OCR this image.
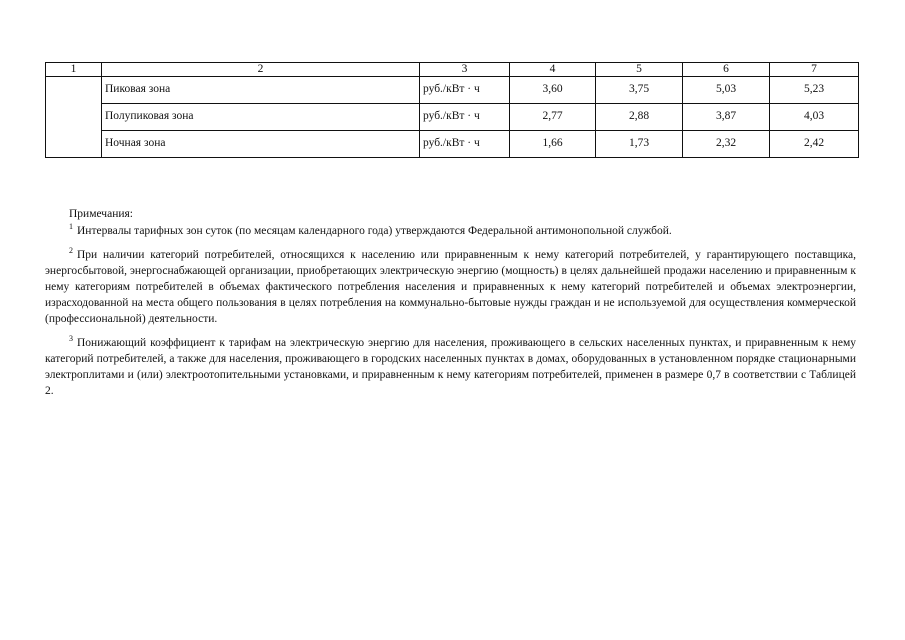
1	2	3	4	5	6	7
	Пиковая зона	руб./кВт · ч	3,60	3,75	5,03	5,23
	Полупиковая зона	руб./кВт · ч	2,77	2,88	3,87	4,03
	Ночная зона	руб./кВт · ч	1,66	1,73	2,32	2,42

Примечания:

$^1$ Интервалы тарифных зон суток (по месяцам календарного года) утверждаются Федеральной антимонопольной службой.

$^2$ При наличии категорий потребителей, относящихся к населению или приравненным к нему категорий потребителей, у гарантирующего поставщика, энергосбытовой, энергоснабжающей организации, приобретающих электрическую энергию (мощность) в целях дальнейшей продажи населению и приравненным к нему категориям потребителей в объемах фактического потребления населения и приравненных к нему категорий потребителей и объемах электроэнергии, израсходованной на места общего пользования в целях потребления на коммунально-бытовые нужды граждан и не используемой для осуществления коммерческой (профессиональной) деятельности.

$^3$ Понижающий коэффициент к тарифам на электрическую энергию для населения, проживающего в сельских населенных пунктах, и приравненным к нему категорий потребителей, а также для населения, проживающего в городских населенных пунктах в домах, оборудованных в установленном порядке стационарными электроплитами и (или) электроотопительными установками, и приравненным к нему категориям потребителей, применен в размере 0,7 в соответствии с Таблицей 2.
